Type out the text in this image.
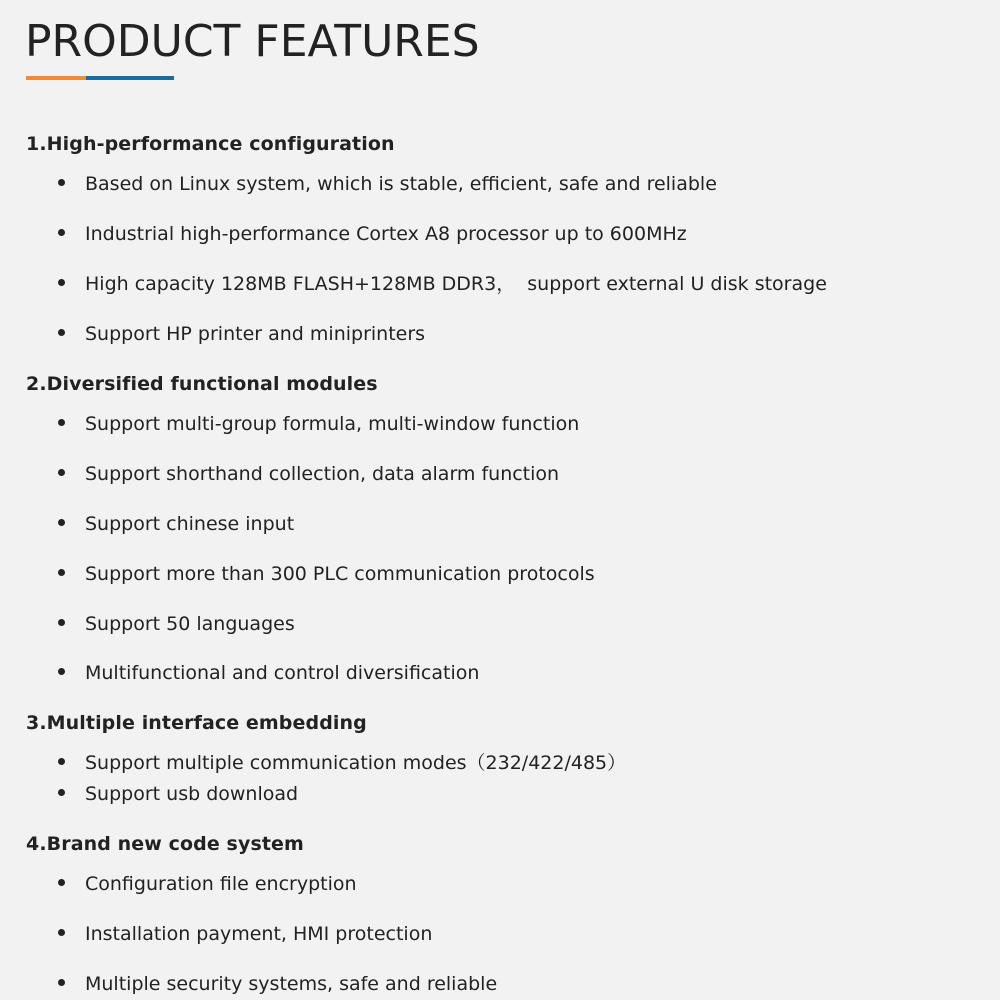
PRODUCT FEATURES
1.High-performance configuration
Based on Linux system, which is stable, efficient, safe and reliable
Industrial high-performance Cortex A8 processor up to 600MHz
High capacity 128MB FLASH+128MB DDR3，  support external U disk storage
Support HP printer and miniprinters
2.Diversified functional modules
Support multi-group formula, multi-window function
Support shorthand collection, data alarm function
Support chinese input
Support more than 300 PLC communication protocols
Support 50 languages
Multifunctional and control diversification
3.Multiple interface embedding
Support multiple communication modes（232/422/485）
Support usb download
4.Brand new code system
Configuration file encryption
Installation payment, HMI protection
Multiple security systems, safe and reliable
